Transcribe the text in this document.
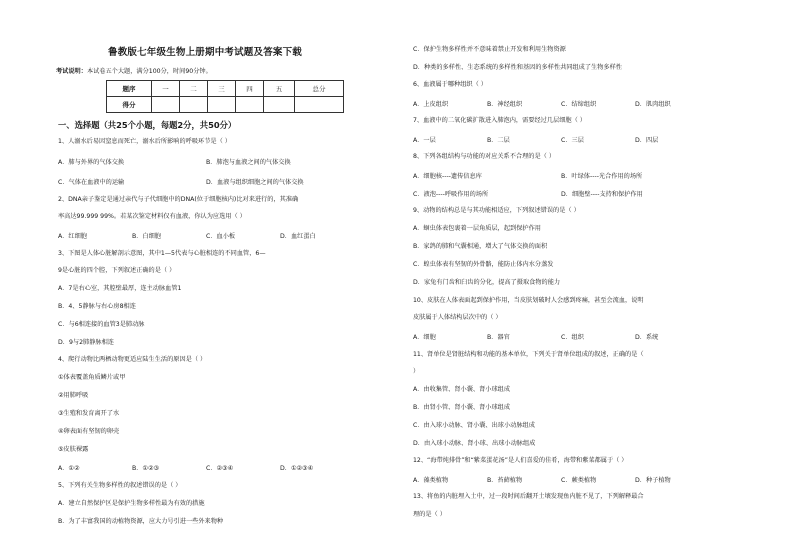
鲁教版七年级生物上册期中考试题及答案下载
考试说明：本试卷五个大题，满分100分，时间90分钟。
题序	一	二	三	四	五	总分
得分						
一、选择题（共25个小题，每题2分，共50分）
1、人溺水后易因窒息而死亡，溺水后所影响的呼吸环节是（ ）
A．肺与外界的气体交换	B．肺泡与血液之间的气体交换
C．气体在血液中的运输	D．血液与组织细胞之间的气体交换
2、DNA亲子鉴定是通过亲代与子代细胞中的DNA(位于细胞核内)比对来进行的，其准确
率高达99.999 99%。若某次鉴定材料仅有血液，你认为应选用（ ）
A．红细胞	B．白细胞	C．血小板	D．血红蛋白
3、下图是人体心脏解剖示意图，其中1—5代表与心脏相连的不同血管，6—
9是心脏的四个腔，下列叙述正确的是（ ）
A．7是右心室，其腔壁最厚，连主动脉血管1
B．4、5静脉与右心房8相连
C．与6相连接的血管3是肺动脉
D．9与2肺静脉相连
4、爬行动物比两栖动物更适应陆生生活的原因是（ ）
①体表覆盖角质鳞片或甲
②用肺呼吸
③生殖和发育离开了水
④卵表面有坚韧的卵壳
⑤皮肤裸露
A．①②	B．①②③	C．②③④	D．①②③④
5、下列有关生物多样性的叙述错误的是（ ）
A．建立自然保护区是保护生物多样性最为有效的措施
B．为了丰富我国的动植物资源，应大力号引进一些外来物种
C．保护生物多样性并不意味着禁止开发和利用生物资源
D．种类的多样性、生态系统的多样性和基因的多样性共同组成了生物多样性
6、血液属于哪种组织（ ）
A．上皮组织	B．神经组织	C．结缔组织	D．肌肉组织
7、血液中的二氧化碳扩散进入肺泡内，需要经过几层细胞（ ）
A．一层	B．二层	C．三层	D．四层
8、下列各组结构与功能的对应关系不合理的是（ ）
A．细胞核----遗传信息库	B．叶绿体----光合作用的场所
C．液泡----呼吸作用的场所	D．细胞壁----支持和保护作用
9、动物的结构总是与其功能相适应，下列叙述错误的是（ ）
A．蛔虫体表包裹着一层角质层，起到保护作用
B．家鸽的肺和气囊相通，增大了气体交换的面积
C．蝗虫体表有坚韧的外骨骼，能防止体内水分蒸发
D．家兔有门齿和臼齿的分化，提高了摄取食物的能力
10、皮肤在人体表面起到保护作用，当皮肤划破时人会感到疼痛，甚至会流血，说明
皮肤属于人体结构层次中的（ ）
A．细胞	B．器官	C．组织	D．系统
11、肾单位是肾脏结构和功能的基本单位，下列关于肾单位组成的叙述，正确的是（
）
A．由收集管、肾小囊、肾小球组成
B．由肾小管、肾小囊、肾小球组成
C．由入球小动脉、肾小囊、出球小动脉组成
D．由入球小动脉、肾小球、出球小动脉组成
12、“海带炖排骨”和“紫菜蛋花汤”是人们喜爱的佳肴，海带和紫菜都属于（ ）
A．藻类植物	B．苔藓植物	C．蕨类植物	D．种子植物
13、将鱼的内脏埋入土中，过一段时间后翻开土壤发现鱼内脏不见了，下列解释最合
理的是（ ）
